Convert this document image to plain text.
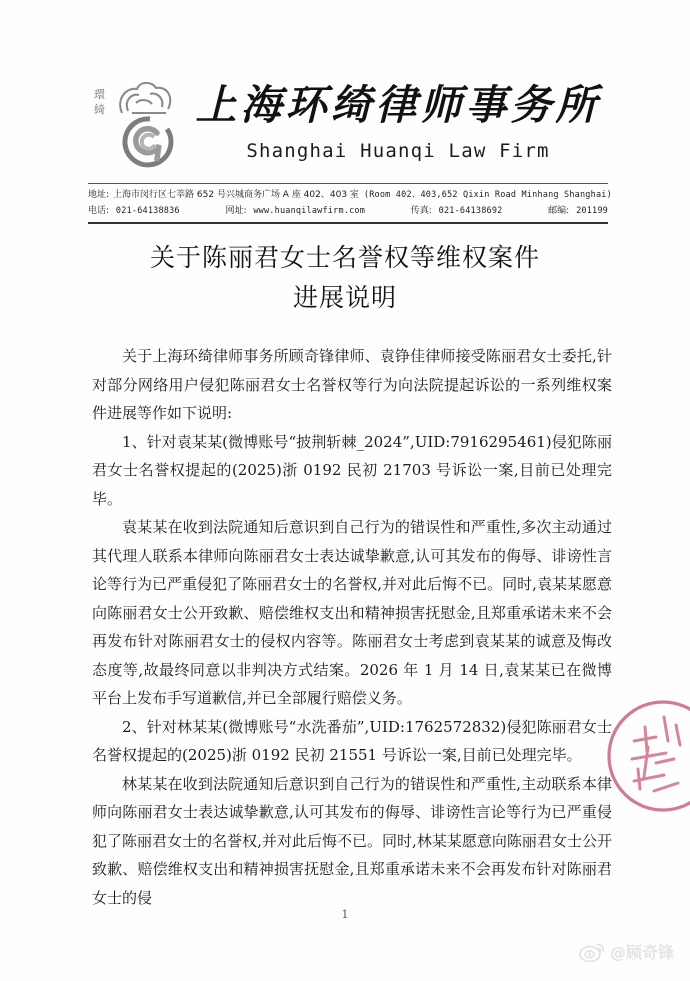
環綺 上海环绮律师事务所
Shanghai Huanqi Law Firm
地址: 上海市闵行区七莘路 652 号兴城商务广场 A 座 402、403 室 (Room 402、403,652 Qixin Road Minhang Shanghai)
电话: 021-64138836	网址: www.huanqilawfirm.com	传真: 021-64138692	邮编: 201199
关于陈丽君女士名誉权等维权案件
进展说明

关于上海环绮律师事务所顾奇锋律师、袁铮佳律师接受陈丽君女士委托,针对部分网络用户侵犯陈丽君女士名誉权等行为向法院提起诉讼的一系列维权案件进展等作如下说明:

1、针对袁某某(微博账号“披荆斩棘_2024”,UID:7916295461)侵犯陈丽君女士名誉权提起的(2025)浙 0192 民初 21703 号诉讼一案,目前已处理完毕。

袁某某在收到法院通知后意识到自己行为的错误性和严重性,多次主动通过其代理人联系本律师向陈丽君女士表达诚挚歉意,认可其发布的侮辱、诽谤性言论等行为已严重侵犯了陈丽君女士的名誉权,并对此后悔不已。同时,袁某某愿意向陈丽君女士公开致歉、赔偿维权支出和精神损害抚慰金,且郑重承诺未来不会再发布针对陈丽君女士的侵权内容等。陈丽君女士考虑到袁某某的诚意及悔改态度等,故最终同意以非判决方式结案。2026 年 1 月 14 日,袁某某已在微博平台上发布手写道歉信,并已全部履行赔偿义务。

2、针对林某某(微博账号“水洗番茄”,UID:1762572832)侵犯陈丽君女士名誉权提起的(2025)浙 0192 民初 21551 号诉讼一案,目前已处理完毕。

林某某在收到法院通知后意识到自己行为的错误性和严重性,主动联系本律师向陈丽君女士表达诚挚歉意,认可其发布的侮辱、诽谤性言论等行为已严重侵犯了陈丽君女士的名誉权,并对此后悔不已。同时,林某某愿意向陈丽君女士公开致歉、赔偿维权支出和精神损害抚慰金,且郑重承诺未来不会再发布针对陈丽君女士的侵

1
@顾奇锋
